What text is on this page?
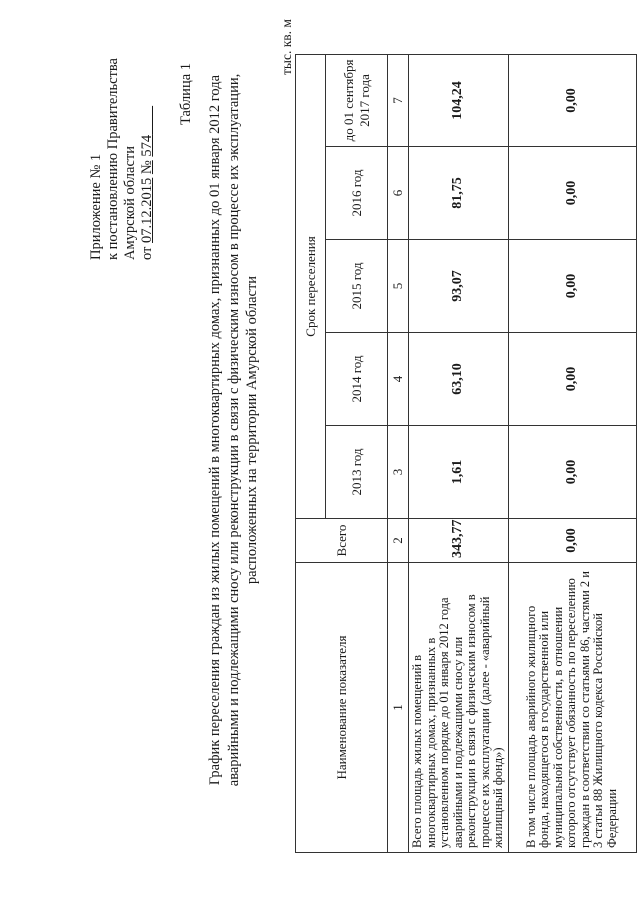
Приложение № 1 к постановлению Правительства Амурской области от 07.12.2015 № 574  
Таблица 1 График переселения граждан из жилых помещений в многоквартирных домах, признанных до 01 января 2012 года аварийными и подлежащими сносу или реконструкции в связи с физическим износом в процессе их эксплуатации, расположенных на территории Амурской области
тыс. кв. м
Наименование показателя	Всего	Срок переселения				
		2013 год	2014 год	2015 год	2016 год	до 01 сентября 2017 года
1	2	3	4	5	6	7
Всего площадь жилых помещений в многоквартирных домах, признанных в установленном порядке до 01 января 2012 года аварийными и подлежащими сносу или реконструкции в связи с физическим износом в процессе их эксплуатации (далее - «аварийный жилищный фонд»)	343,77	1,61	63,10	93,07	81,75	104,24
В том числе площадь аварийного жилищного фонда, находящегося в государственной или муниципальной собственности, в отношении которого отсутствует обязанность по переселению граждан в соответствии со статьями 86, частями 2 и 3 статьи 88 Жилищного кодекса Российской Федерации	0,00	0,00	0,00	0,00	0,00	0,00
